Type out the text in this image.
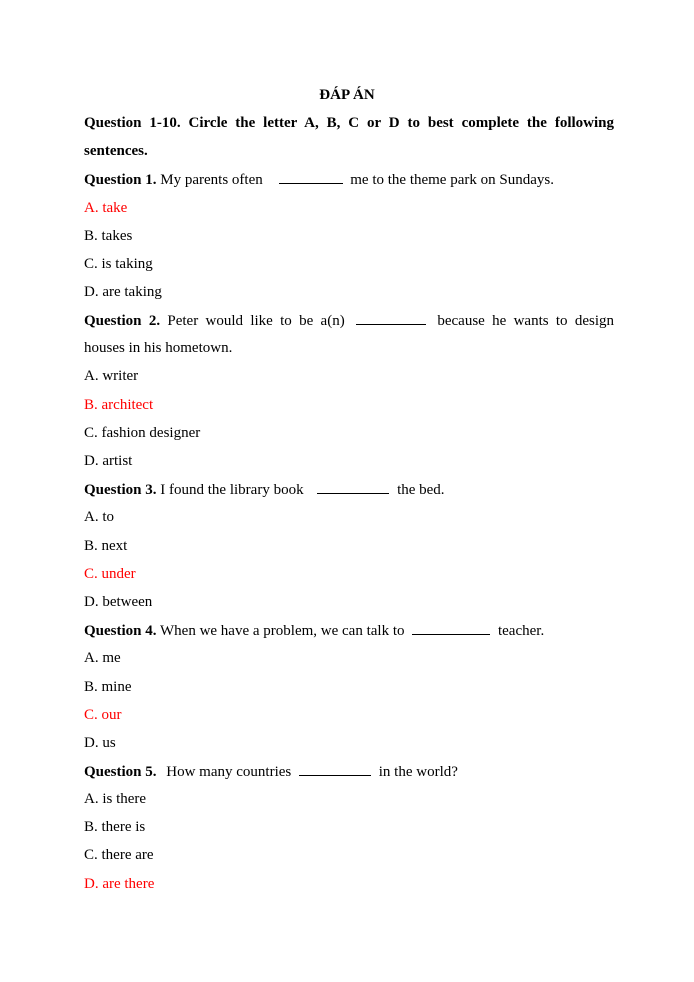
ĐÁP ÁN
Question 1-10. Circle the letter A, B, C or D to best complete the following
sentences.
Question 1. My parents often	me to the theme park on Sundays.
A. take
B. takes
C. is taking
D. are taking
Question 2. Peter would like to be a(n)	because he wants to design
houses in his hometown.
A. writer
B. architect
C. fashion designer
D. artist
Question 3. I found the library book	the bed.
A. to
B. next
C. under
D. between
Question 4. When we have a problem, we can talk to	teacher.
A. me
B. mine
C. our
D. us
Question 5. How many countries	in the world?
A. is there
B. there is
C. there are
D. are there
